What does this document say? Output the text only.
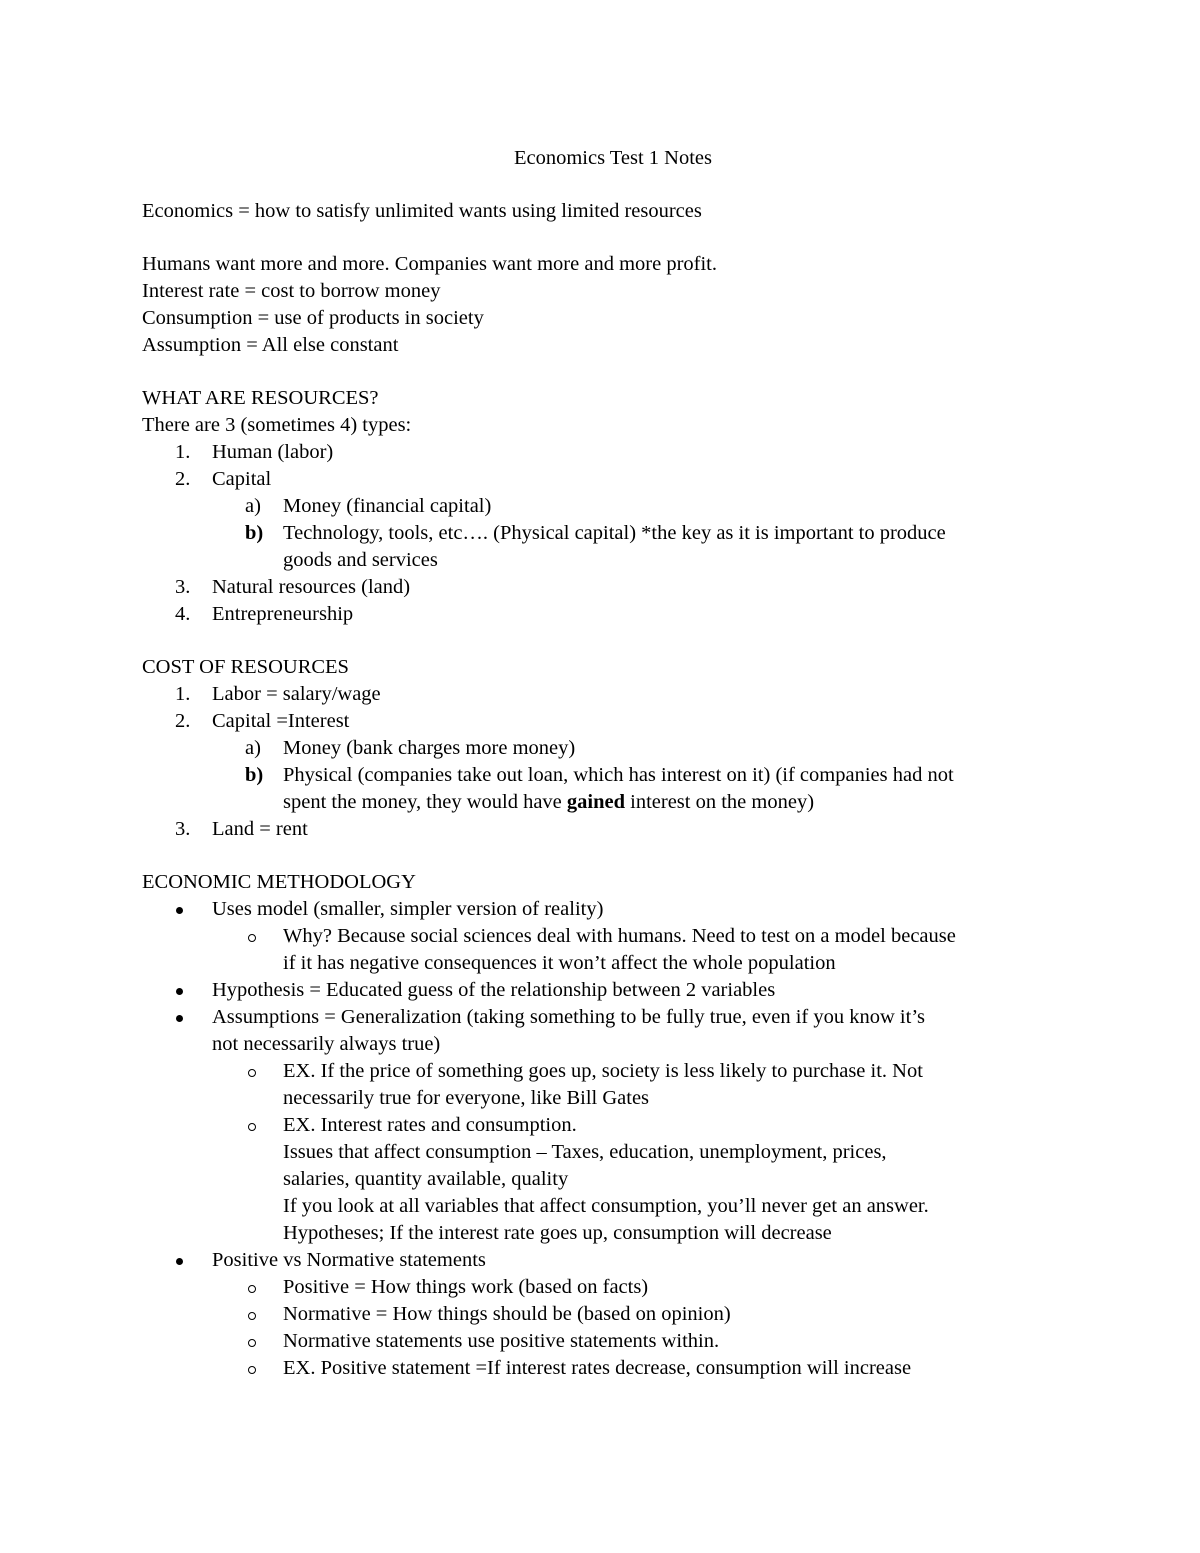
Economics Test 1 Notes
Economics = how to satisfy unlimited wants using limited resources
Humans want more and more. Companies want more and more profit.
Interest rate = cost to borrow money
Consumption = use of products in society
Assumption = All else constant
WHAT ARE RESOURCES?
There are 3 (sometimes 4) types:
1. Human (labor)
2. Capital
a) Money (financial capital)
b) Technology, tools, etc…. (Physical capital) *the key as it is important to produce
goods and services
3. Natural resources (land)
4. Entrepreneurship
COST OF RESOURCES
1. Labor = salary/wage
2. Capital =Interest
a) Money (bank charges more money)
b) Physical (companies take out loan, which has interest on it) (if companies had not
spent the money, they would have gained interest on the money)
3. Land = rent
ECONOMIC METHODOLOGY
Uses model (smaller, simpler version of reality)
Why? Because social sciences deal with humans. Need to test on a model because
if it has negative consequences it won’t affect the whole population
Hypothesis = Educated guess of the relationship between 2 variables
Assumptions = Generalization (taking something to be fully true, even if you know it’s
not necessarily always true)
EX. If the price of something goes up, society is less likely to purchase it. Not
necessarily true for everyone, like Bill Gates
EX. Interest rates and consumption.
Issues that affect consumption – Taxes, education, unemployment, prices,
salaries, quantity available, quality
If you look at all variables that affect consumption, you’ll never get an answer.
Hypotheses; If the interest rate goes up, consumption will decrease
Positive vs Normative statements
Positive = How things work (based on facts)
Normative = How things should be (based on opinion)
Normative statements use positive statements within.
EX. Positive statement =If interest rates decrease, consumption will increase
